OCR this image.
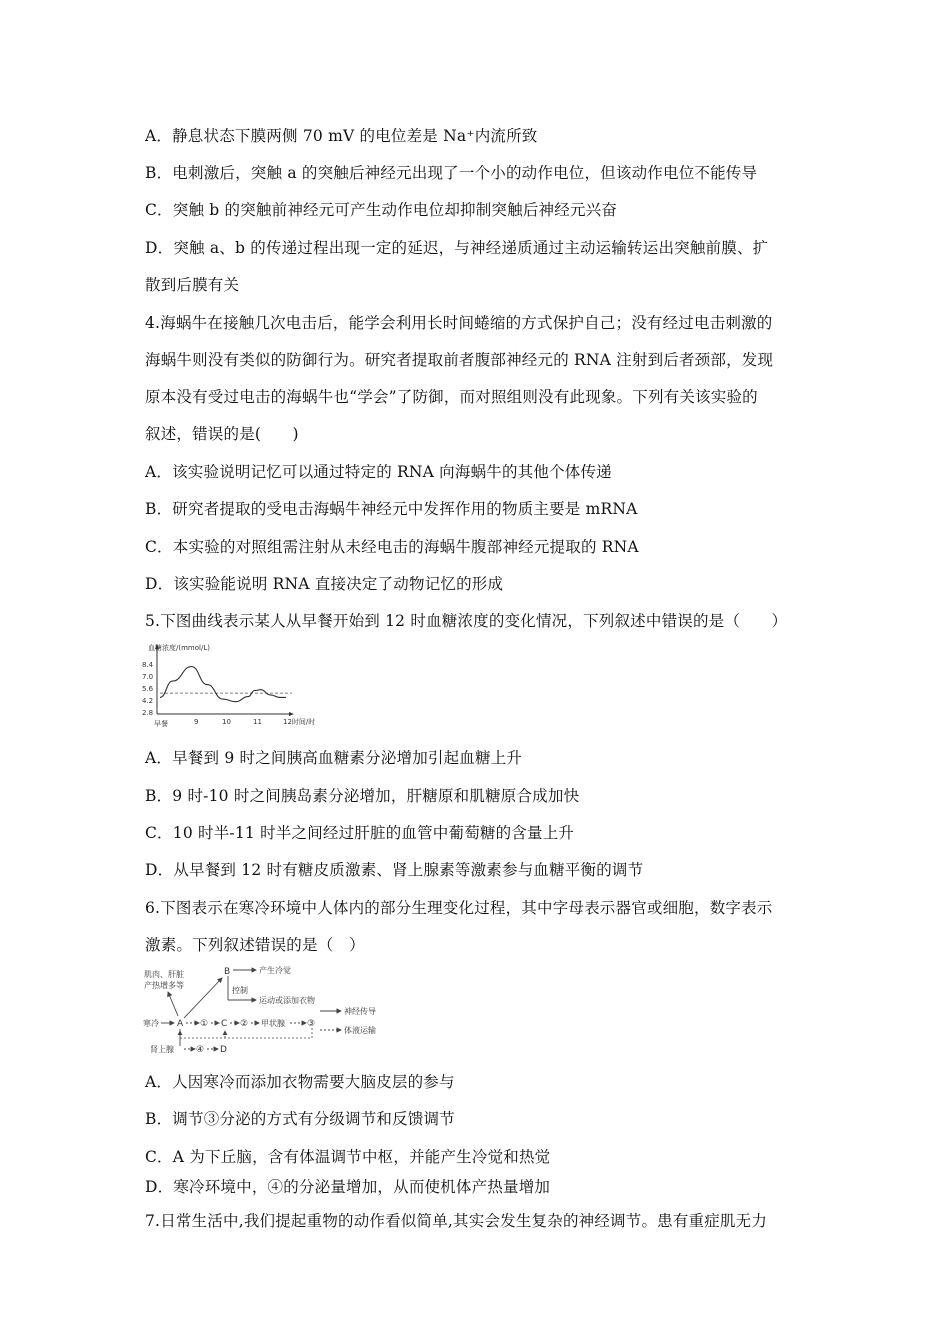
A．静息状态下膜两侧 70 mV 的电位差是 Na⁺内流所致
B．电刺激后，突触 a 的突触后神经元出现了一个小的动作电位，但该动作电位不能传导
C．突触 b 的突触前神经元可产生动作电位却抑制突触后神经元兴奋
D．突触 a、b 的传递过程出现一定的延迟，与神经递质通过主动运输转运出突触前膜、扩
散到后膜有关
4.海蜗牛在接触几次电击后，能学会利用长时间蜷缩的方式保护自己；没有经过电击刺激的
海蜗牛则没有类似的防御行为。研究者提取前者腹部神经元的 RNA 注射到后者颈部，发现
原本没有受过电击的海蜗牛也“学会”了防御，而对照组则没有此现象。下列有关该实验的
叙述，错误的是(　　)
A．该实验说明记忆可以通过特定的 RNA 向海蜗牛的其他个体传递
B．研究者提取的受电击海蜗牛神经元中发挥作用的物质主要是 mRNA
C．本实验的对照组需注射从未经电击的海蜗牛腹部神经元提取的 RNA
D．该实验能说明 RNA 直接决定了动物记忆的形成
5.下图曲线表示某人从早餐开始到 12 时血糖浓度的变化情况，下列叙述中错误的是（　　）
血糖浓度/(mmol/L)
8.4
7.0
5.6
4.2
2.8
早餐	9	10	11	12时间/时
A．早餐到 9 时之间胰高血糖素分泌增加引起血糖上升
B．9 时-10 时之间胰岛素分泌增加，肝糖原和肌糖原合成加快
C．10 时半-11 时半之间经过肝脏的血管中葡萄糖的含量上升
D．从早餐到 12 时有糖皮质激素、肾上腺素等激素参与血糖平衡的调节
6.下图表示在寒冷环境中人体内的部分生理变化过程，其中字母表示器官或细胞，数字表示
激素。下列叙述错误的是（　）
肌肉、肝脏
产热增多等
B	产生冷觉
控制
运动或添加衣物
寒冷 A ① C ② 甲状腺 ③
肾上腺 ④ D
神经传导
体液运输
A．人因寒冷而添加衣物需要大脑皮层的参与
B．调节③分泌的方式有分级调节和反馈调节
C．A 为下丘脑，含有体温调节中枢，并能产生冷觉和热觉
D．寒冷环境中，④的分泌量增加，从而使机体产热量增加
7.日常生活中,我们提起重物的动作看似简单,其实会发生复杂的神经调节。患有重症肌无力
